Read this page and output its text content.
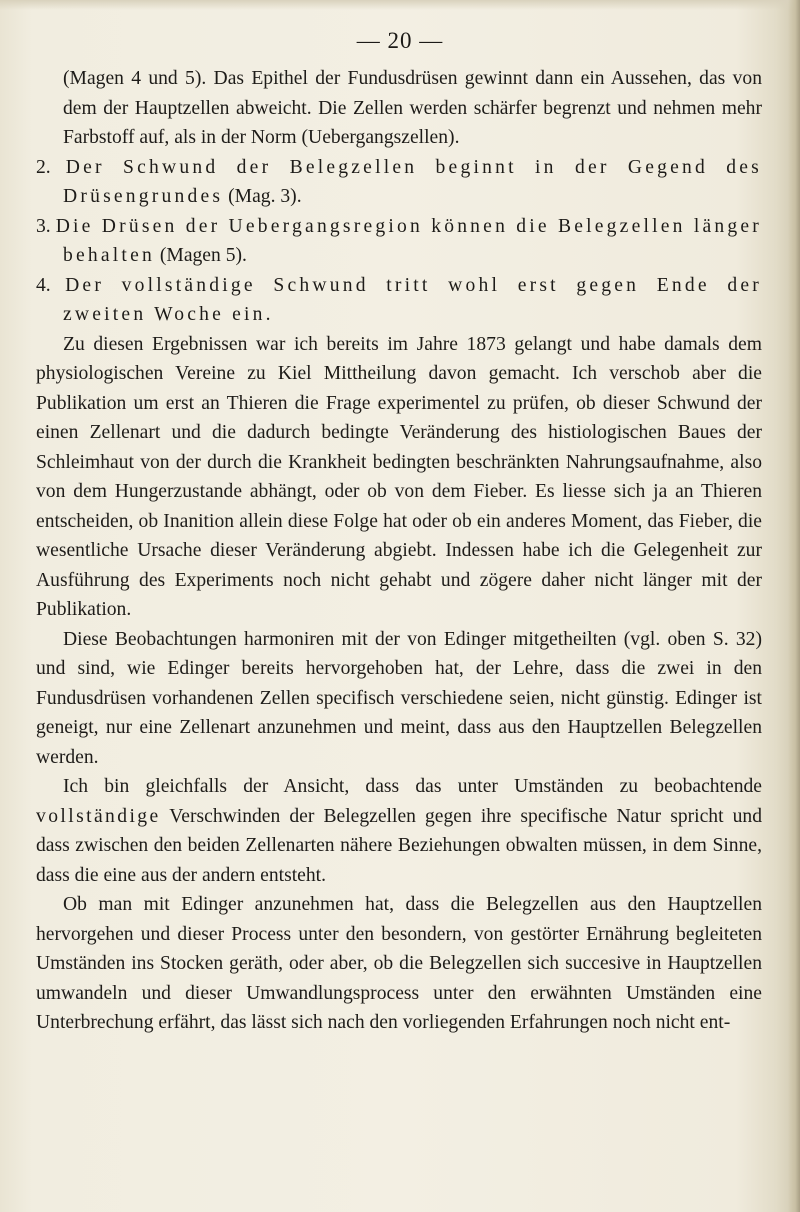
— 20 —

(Magen 4 und 5). Das Epithel der Fundusdrüsen gewinnt dann ein Aussehen, das von dem der Hauptzellen abweicht. Die Zellen werden schärfer begrenzt und nehmen mehr Farbstoff auf, als in der Norm (Uebergangszellen).

2. Der Schwund der Belegzellen beginnt in der Gegend des Drüsengrundes (Mag. 3).

3. Die Drüsen der Uebergangsregion können die Belegzellen länger behalten (Magen 5).

4. Der vollständige Schwund tritt wohl erst gegen Ende der zweiten Woche ein.

Zu diesen Ergebnissen war ich bereits im Jahre 1873 gelangt und habe damals dem physiologischen Vereine zu Kiel Mittheilung davon gemacht. Ich verschob aber die Publikation um erst an Thieren die Frage experimentel zu prüfen, ob dieser Schwund der einen Zellenart und die dadurch bedingte Veränderung des histiologischen Baues der Schleimhaut von der durch die Krankheit bedingten beschränkten Nahrungsaufnahme, also von dem Hungerzustande abhängt, oder ob von dem Fieber. Es liesse sich ja an Thieren entscheiden, ob Inanition allein diese Folge hat oder ob ein anderes Moment, das Fieber, die wesentliche Ursache dieser Veränderung abgiebt. Indessen habe ich die Gelegenheit zur Ausführung des Experiments noch nicht gehabt und zögere daher nicht länger mit der Publikation.

Diese Beobachtungen harmoniren mit der von Edinger mitgetheilten (vgl. oben S. 32) und sind, wie Edinger bereits hervorgehoben hat, der Lehre, dass die zwei in den Fundusdrüsen vorhandenen Zellen specifisch verschiedene seien, nicht günstig. Edinger ist geneigt, nur eine Zellenart anzunehmen und meint, dass aus den Hauptzellen Belegzellen werden.

Ich bin gleichfalls der Ansicht, dass das unter Umständen zu beobachtende vollständige Verschwinden der Belegzellen gegen ihre specifische Natur spricht und dass zwischen den beiden Zellenarten nähere Beziehungen obwalten müssen, in dem Sinne, dass die eine aus der andern entsteht.

Ob man mit Edinger anzunehmen hat, dass die Belegzellen aus den Hauptzellen hervorgehen und dieser Process unter den besondern, von gestörter Ernährung begleiteten Umständen ins Stocken geräth, oder aber, ob die Belegzellen sich succesive in Hauptzellen umwandeln und dieser Umwandlungsprocess unter den erwähnten Umständen eine Unterbrechung erfährt, das lässt sich nach den vorliegenden Erfahrungen noch nicht ent-
